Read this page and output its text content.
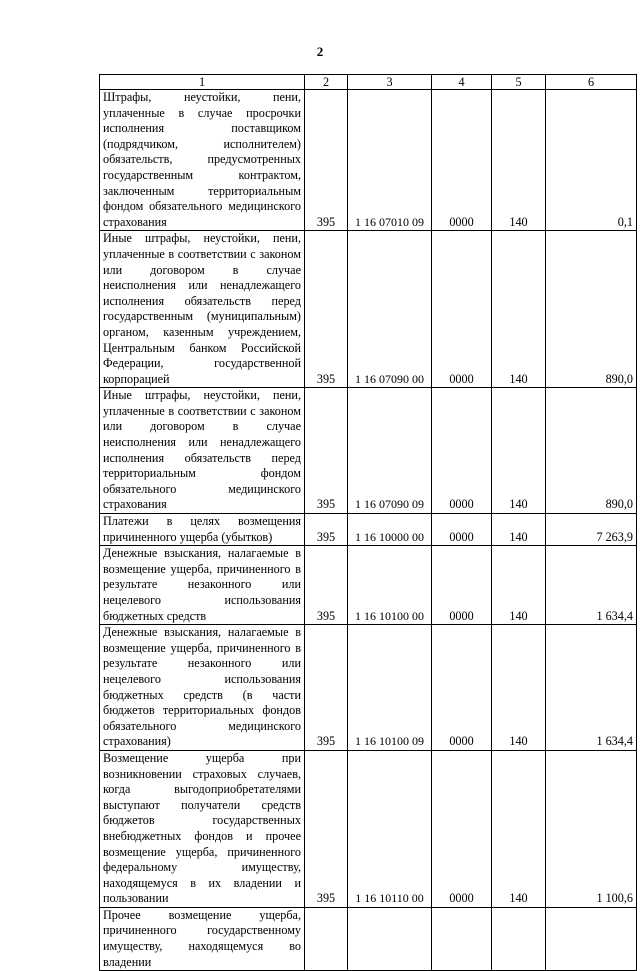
2
1	2	3	4	5	6
Штрафы, неустойки, пени, уплаченные в случае просрочки исполнения поставщиком (подрядчиком, исполнителем) обязательств, предусмотренных государственным контрактом, заключенным территориальным фондом обязательного медицинского страхования	395	1 16 07010 09	0000	140	0,1
Иные штрафы, неустойки, пени, уплаченные в соответствии с законом или договором в случае неисполнения или ненадлежащего исполнения обязательств перед государственным (муниципальным) органом, казенным учреждением, Центральным банком Российской Федерации, государственной корпорацией	395	1 16 07090 00	0000	140	890,0
Иные штрафы, неустойки, пени, уплаченные в соответствии с законом или договором в случае неисполнения или ненадлежащего исполнения обязательств перед территориальным фондом обязательного медицинского страхования	395	1 16 07090 09	0000	140	890,0
Платежи в целях возмещения причиненного ущерба (убытков)	395	1 16 10000 00	0000	140	7 263,9
Денежные взыскания, налагаемые в возмещение ущерба, причиненного в результате незаконного или нецелевого использования бюджетных средств	395	1 16 10100 00	0000	140	1 634,4
Денежные взыскания, налагаемые в возмещение ущерба, причиненного в результате незаконного или нецелевого использования бюджетных средств (в части бюджетов территориальных фондов обязательного медицинского страхования)	395	1 16 10100 09	0000	140	1 634,4
Возмещение ущерба при возникновении страховых случаев, когда выгодоприобретателями выступают получатели средств бюджетов государственных внебюджетных фондов и прочее возмещение ущерба, причиненного федеральному имуществу, находящемуся в их владении и пользовании	395	1 16 10110 00	0000	140	1 100,6
Прочее возмещение ущерба, причиненного государственному имуществу, находящемуся во владении					
